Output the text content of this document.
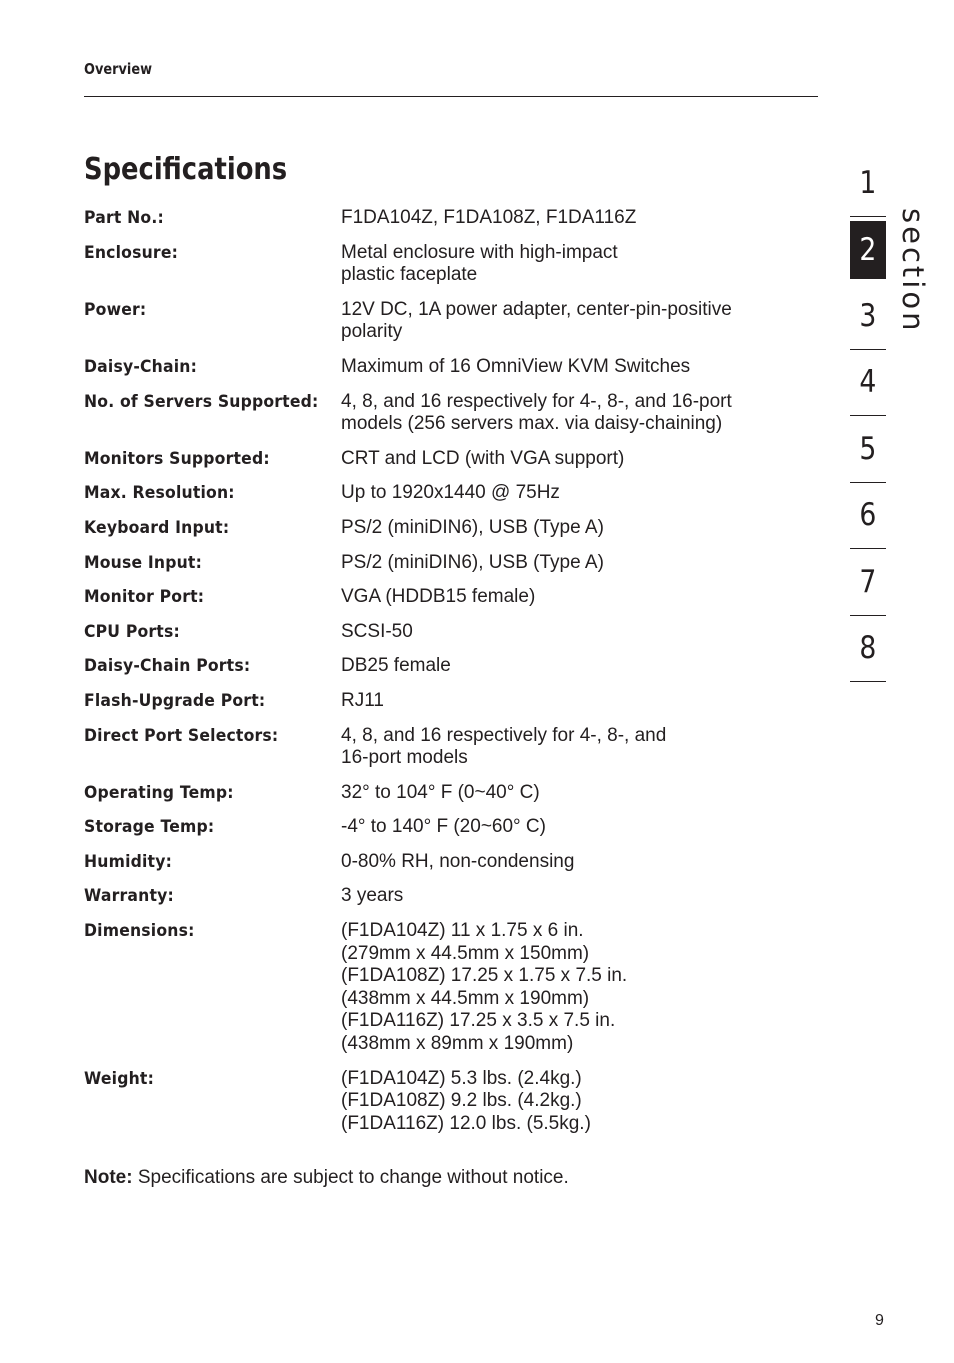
Overview
Specifications
Part No.:	F1DA104Z, F1DA108Z, F1DA116Z
Enclosure:	Metal enclosure with high-impact
plastic faceplate
Power:	12V DC, 1A power adapter, center-pin-positive
polarity
Daisy-Chain:	Maximum of 16 OmniView KVM Switches
No. of Servers Supported:	4, 8, and 16 respectively for 4-, 8-, and 16-port
models (256 servers max. via daisy-chaining)
Monitors Supported:	CRT and LCD (with VGA support)
Max. Resolution:	Up to 1920x1440 @ 75Hz
Keyboard Input:	PS/2 (miniDIN6), USB (Type A)
Mouse Input:	PS/2 (miniDIN6), USB (Type A)
Monitor Port:	VGA (HDDB15 female)
CPU Ports:	SCSI-50
Daisy-Chain Ports:	DB25 female
Flash-Upgrade Port:	RJ11
Direct Port Selectors:	4, 8, and 16 respectively for 4-, 8-, and
16-port models
Operating Temp:	32° to 104° F (0~40° C)
Storage Temp:	-4° to 140° F (20~60° C)
Humidity:	0-80% RH, non-condensing
Warranty:	3 years
Dimensions:	(F1DA104Z) 11 x 1.75 x 6 in.
(279mm x 44.5mm x 150mm)
(F1DA108Z) 17.25 x 1.75 x 7.5 in.
(438mm x 44.5mm x 190mm)
(F1DA116Z) 17.25 x 3.5 x 7.5 in.
(438mm x 89mm x 190mm)
Weight:	(F1DA104Z) 5.3 lbs. (2.4kg.)
(F1DA108Z) 9.2 lbs. (4.2kg.)
(F1DA116Z) 12.0 lbs. (5.5kg.)
Note: Specifications are subject to change without notice.
1
2
3
4
5
6
7
8
section
9
